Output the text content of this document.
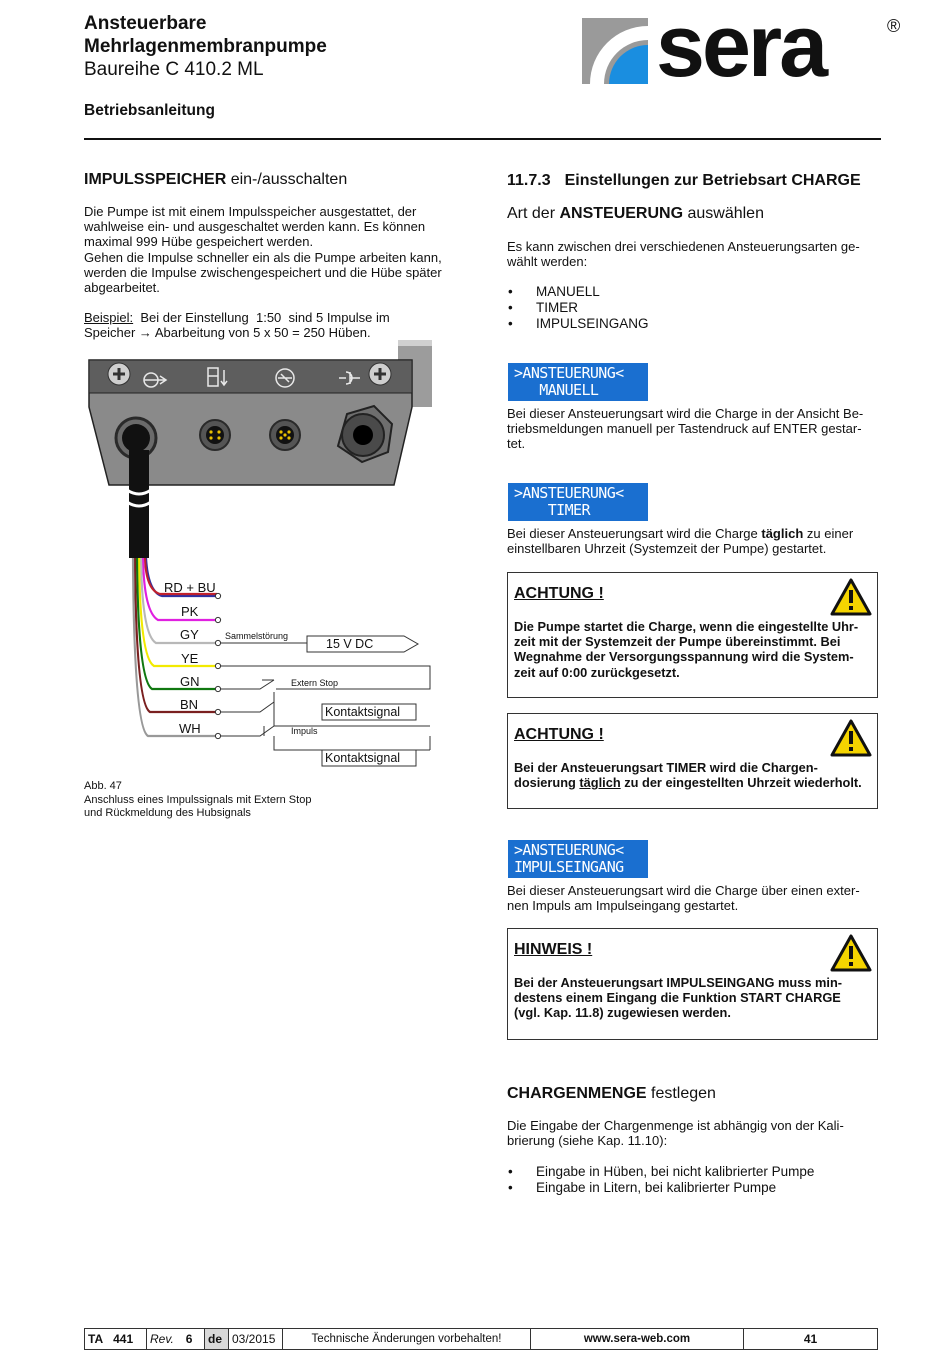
Ansteuerbare
Mehrlagenmembranpumpe
Baureihe C 410.2 ML
Betriebsanleitung
sera	®
IMPULSSPEICHER ein-/ausschalten
Die Pumpe ist mit einem Impulsspeicher ausgestattet, der
wahlweise ein- und ausgeschaltet werden kann. Es können
maximal 999 Hübe gespeichert werden.
Gehen die Impulse schneller ein als die Pumpe arbeiten kann,
werden die Impulse zwischengespeichert und die Hübe später
abgearbeitet.
Beispiel:  Bei der Einstellung  1:50  sind 5 Impulse im
Speicher → Abarbeitung von 5 x 50 = 250 Hüben.
RD + BU
PK
GY
YE
GN
BN
WH
Sammelstörung
15 V DC
Extern Stop
Kontaktsignal
Impuls
Kontaktsignal
Abb. 47
Anschluss eines Impulssignals mit Extern Stop
und Rückmeldung des Hubsignals
11.7.3 Einstellungen zur Betriebsart CHARGE
Art der ANSTEUERUNG auswählen
Es kann zwischen drei verschiedenen Ansteuerungsarten ge-
wählt werden:
• MANUELL
• TIMER
• IMPULSEINGANG
>ANSTEUERUNG<
MANUELL
Bei dieser Ansteuerungsart wird die Charge in der Ansicht Be-
triebsmeldungen manuell per Tastendruck auf ENTER gestar-
tet.
>ANSTEUERUNG<
TIMER
Bei dieser Ansteuerungsart wird die Charge täglich zu einer
einstellbaren Uhrzeit (Systemzeit der Pumpe) gestartet.
ACHTUNG !
Die Pumpe startet die Charge, wenn die eingestellte Uhr-
zeit mit der Systemzeit der Pumpe übereinstimmt. Bei
Wegnahme der Versorgungsspannung wird die System-
zeit auf 0:00 zurückgesetzt.
ACHTUNG !
Bei der Ansteuerungsart TIMER wird die Chargen-
dosierung täglich zu der eingestellten Uhrzeit wiederholt.
>ANSTEUERUNG<
IMPULSEINGANG
Bei dieser Ansteuerungsart wird die Charge über einen exter-
nen Impuls am Impulseingang gestartet.
HINWEIS !
Bei der Ansteuerungsart IMPULSEINGANG muss min-
destens einem Eingang die Funktion START CHARGE
(vgl. Kap. 11.8) zugewiesen werden.
CHARGENMENGE festlegen
Die Eingabe der Chargenmenge ist abhängig von der Kali-
brierung (siehe Kap. 11.10):
• Eingabe in Hüben, bei nicht kalibrierter Pumpe
• Eingabe in Litern, bei kalibrierter Pumpe
TA 441 Rev. 6 de 03/2015	Technische Änderungen vorbehalten!	www.sera-web.com	41
